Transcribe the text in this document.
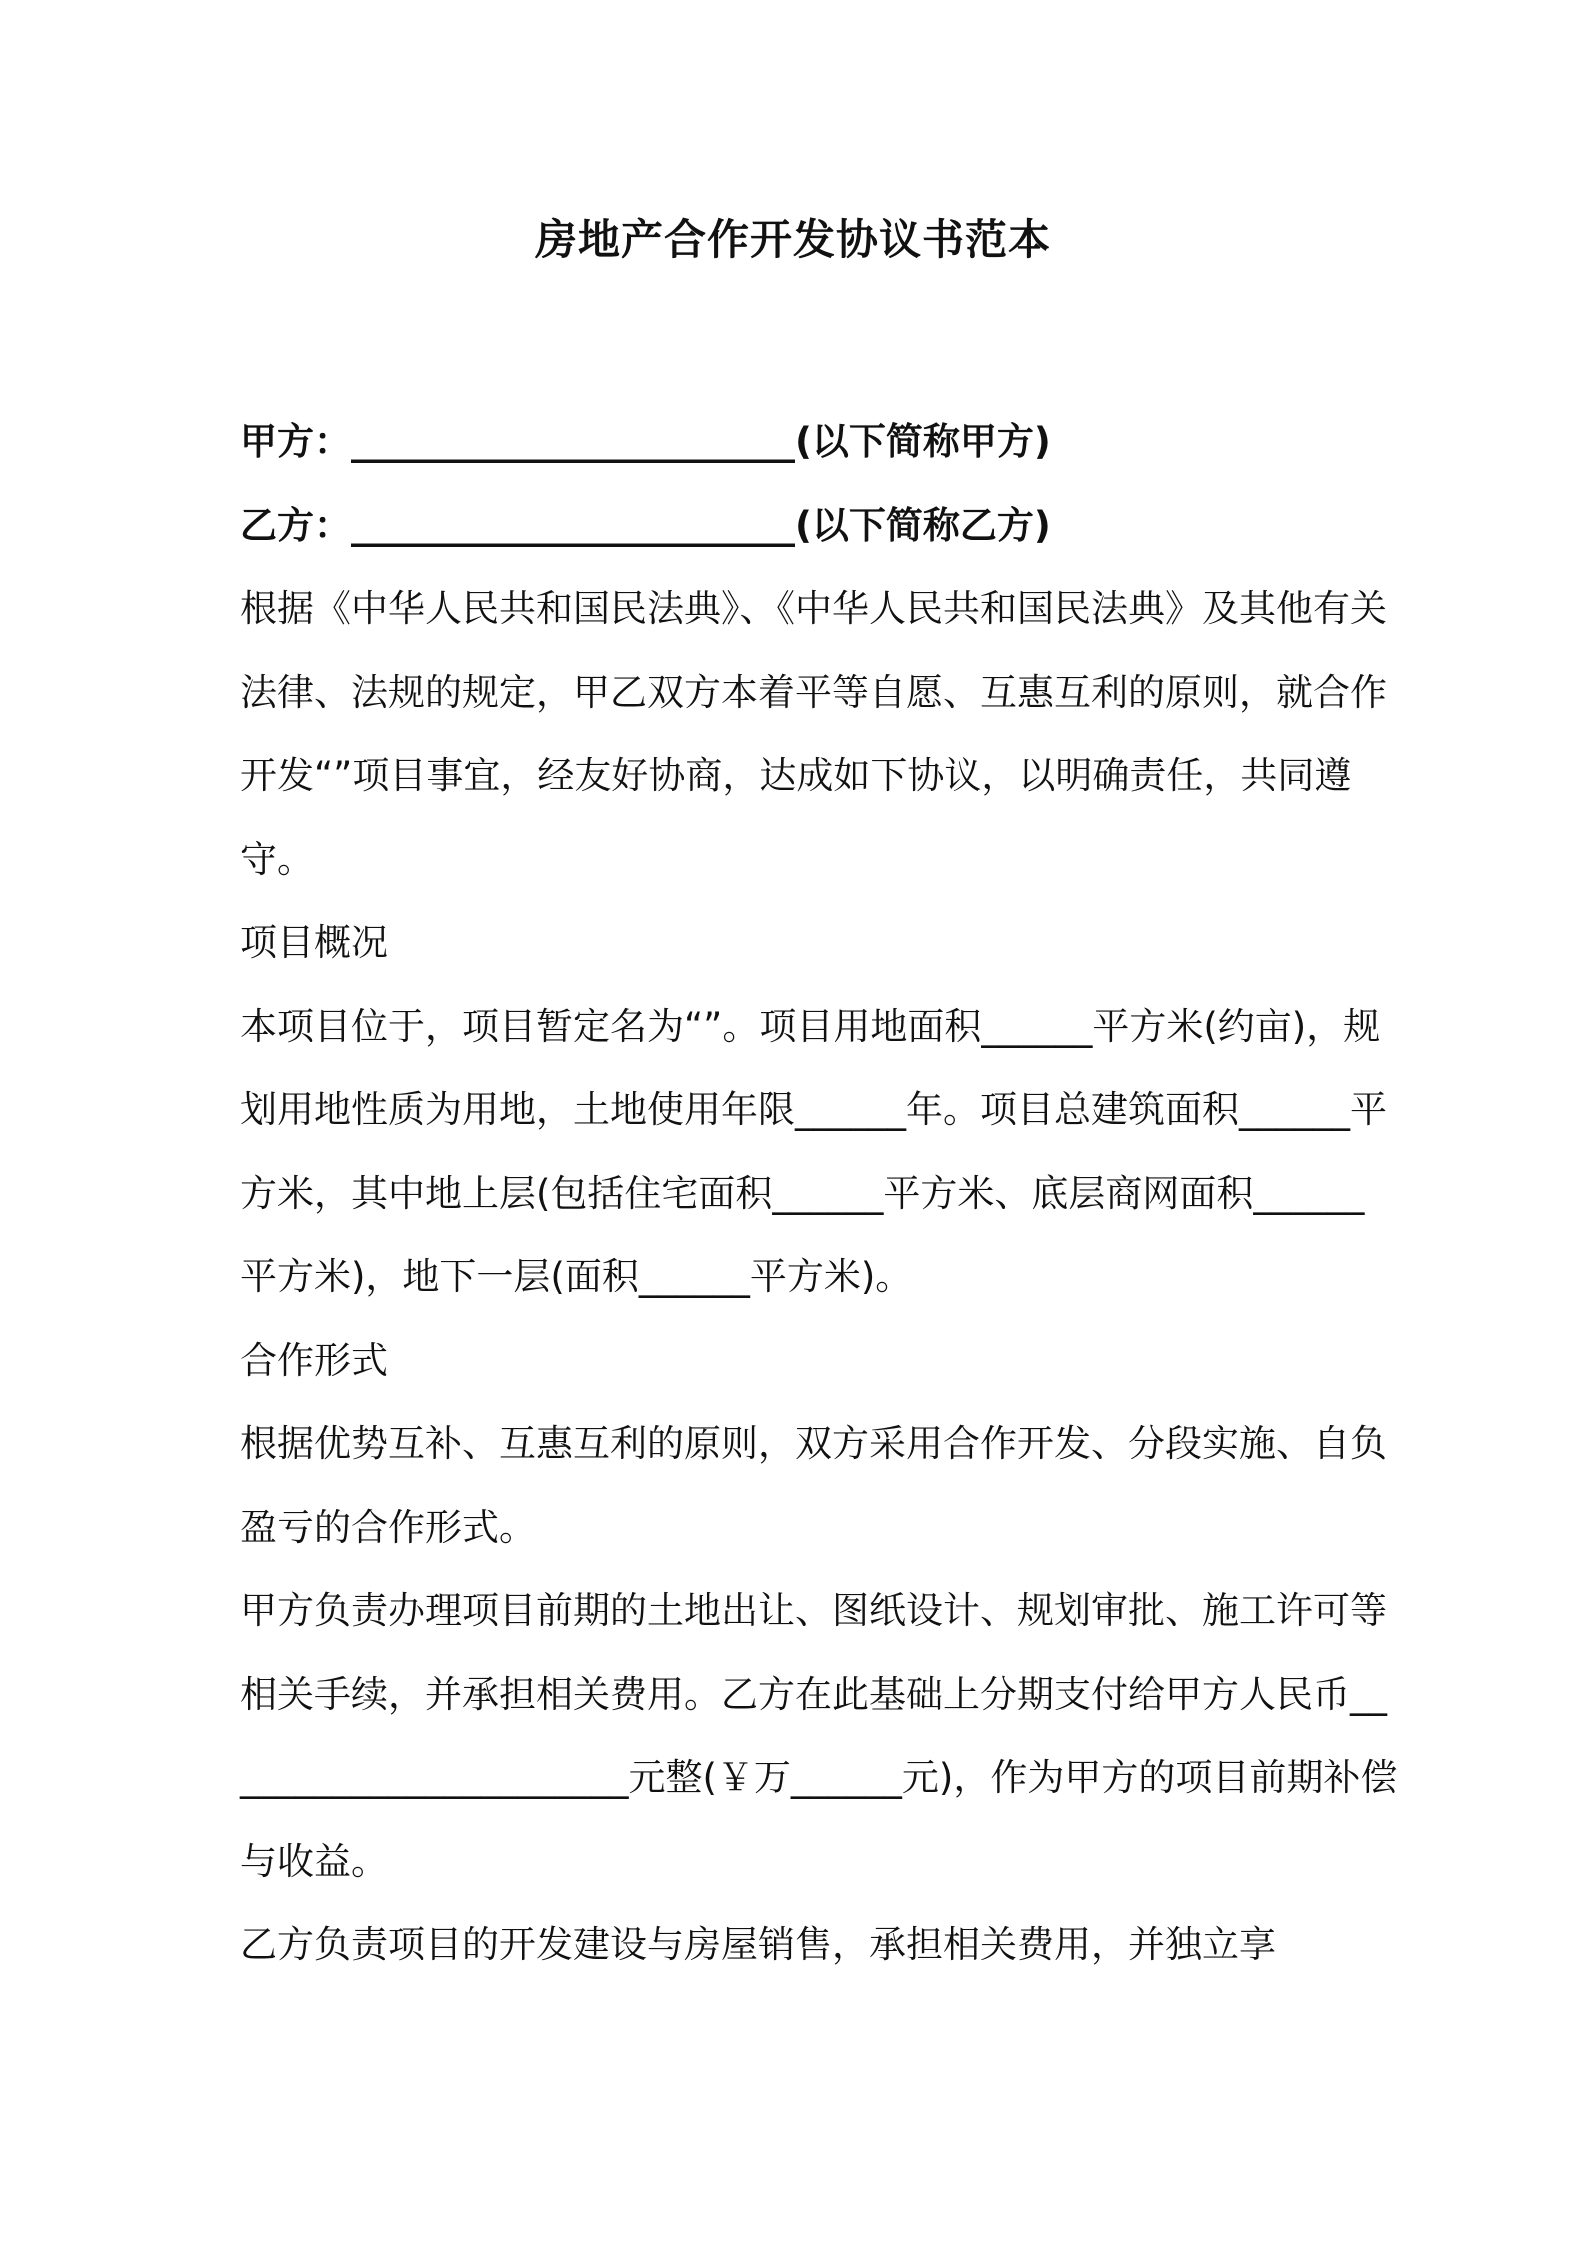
房地产合作开发协议书范本

甲方：________________________(以下简称甲方)

乙方：________________________(以下简称乙方)

根据《中华人民共和国民法典》、《中华人民共和国民法典》及其他有关法律、法规的规定，甲乙双方本着平等自愿、互惠互利的原则，就合作开发“”项目事宜，经友好协商，达成如下协议，以明确责任，共同遵守。

项目概况

本项目位于，项目暂定名为“”。项目用地面积______平方米(约亩)，规划用地性质为用地，土地使用年限______年。项目总建筑面积______平方米，其中地上层(包括住宅面积______平方米、底层商网面积______平方米)，地下一层(面积______平方米)。

合作形式

根据优势互补、互惠互利的原则，双方采用合作开发、分段实施、自负盈亏的合作形式。

甲方负责办理项目前期的土地出让、图纸设计、规划审批、施工许可等相关手续，并承担相关费用。乙方在此基础上分期支付给甲方人民币_______________________元整(￥万______元)，作为甲方的项目前期补偿与收益。

乙方负责项目的开发建设与房屋销售，承担相关费用，并独立享
